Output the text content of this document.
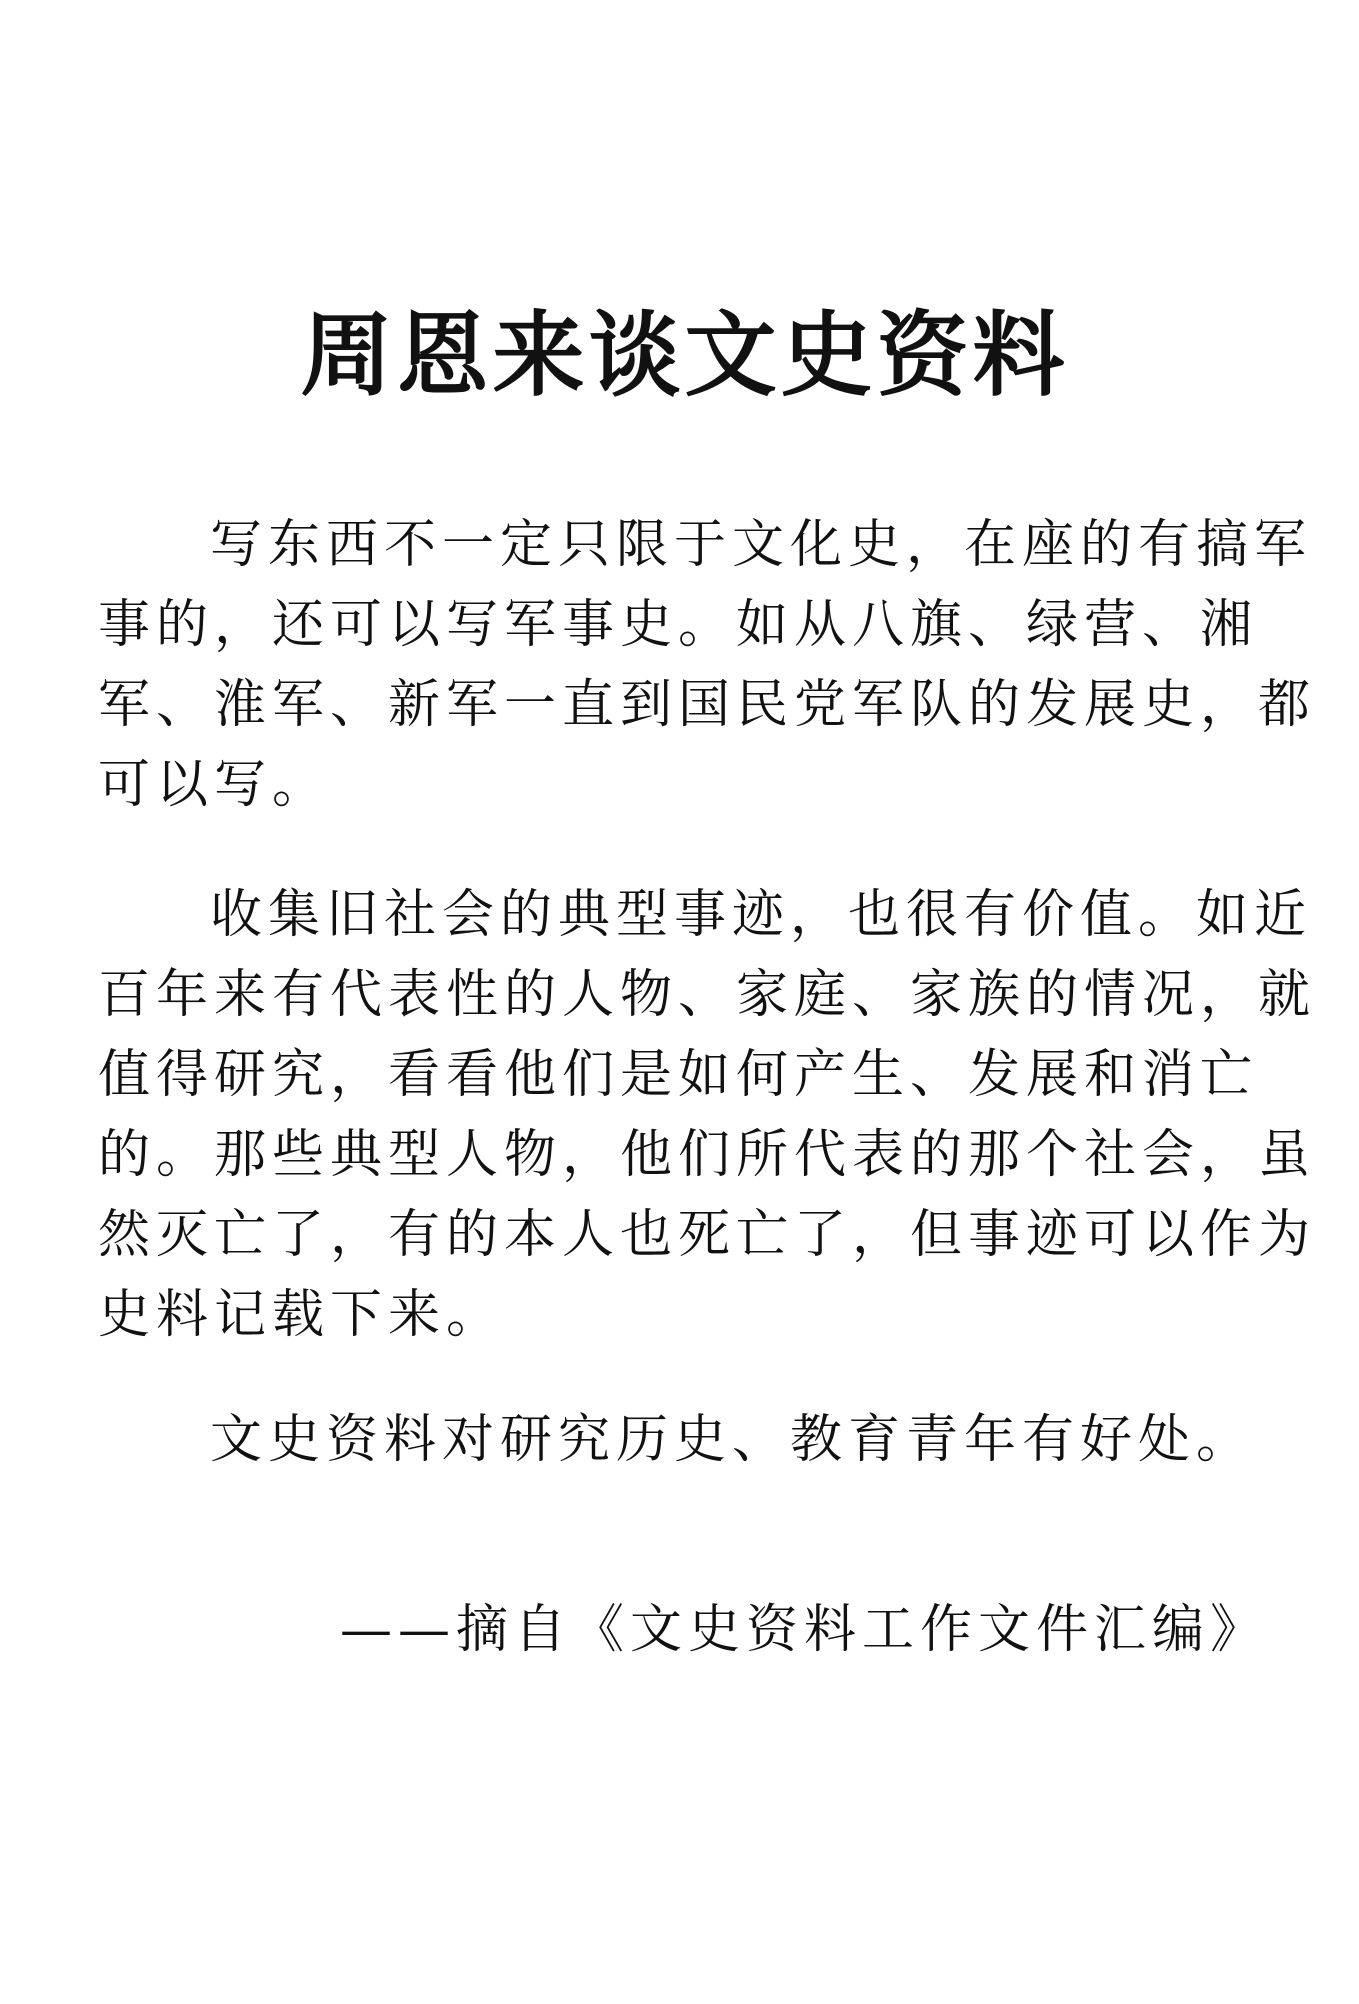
周恩来谈文史资料

写东西不一定只限于文化史，在座的有搞军
事的，还可以写军事史。如从八旗、绿营、湘
军、淮军、新军一直到国民党军队的发展史，都
可以写。

收集旧社会的典型事迹，也很有价值。如近
百年来有代表性的人物、家庭、家族的情况，就
值得研究，看看他们是如何产生、发展和消亡
的。那些典型人物，他们所代表的那个社会，虽
然灭亡了，有的本人也死亡了，但事迹可以作为
史料记载下来。

文史资料对研究历史、教育青年有好处。

——摘自《文史资料工作文件汇编》
